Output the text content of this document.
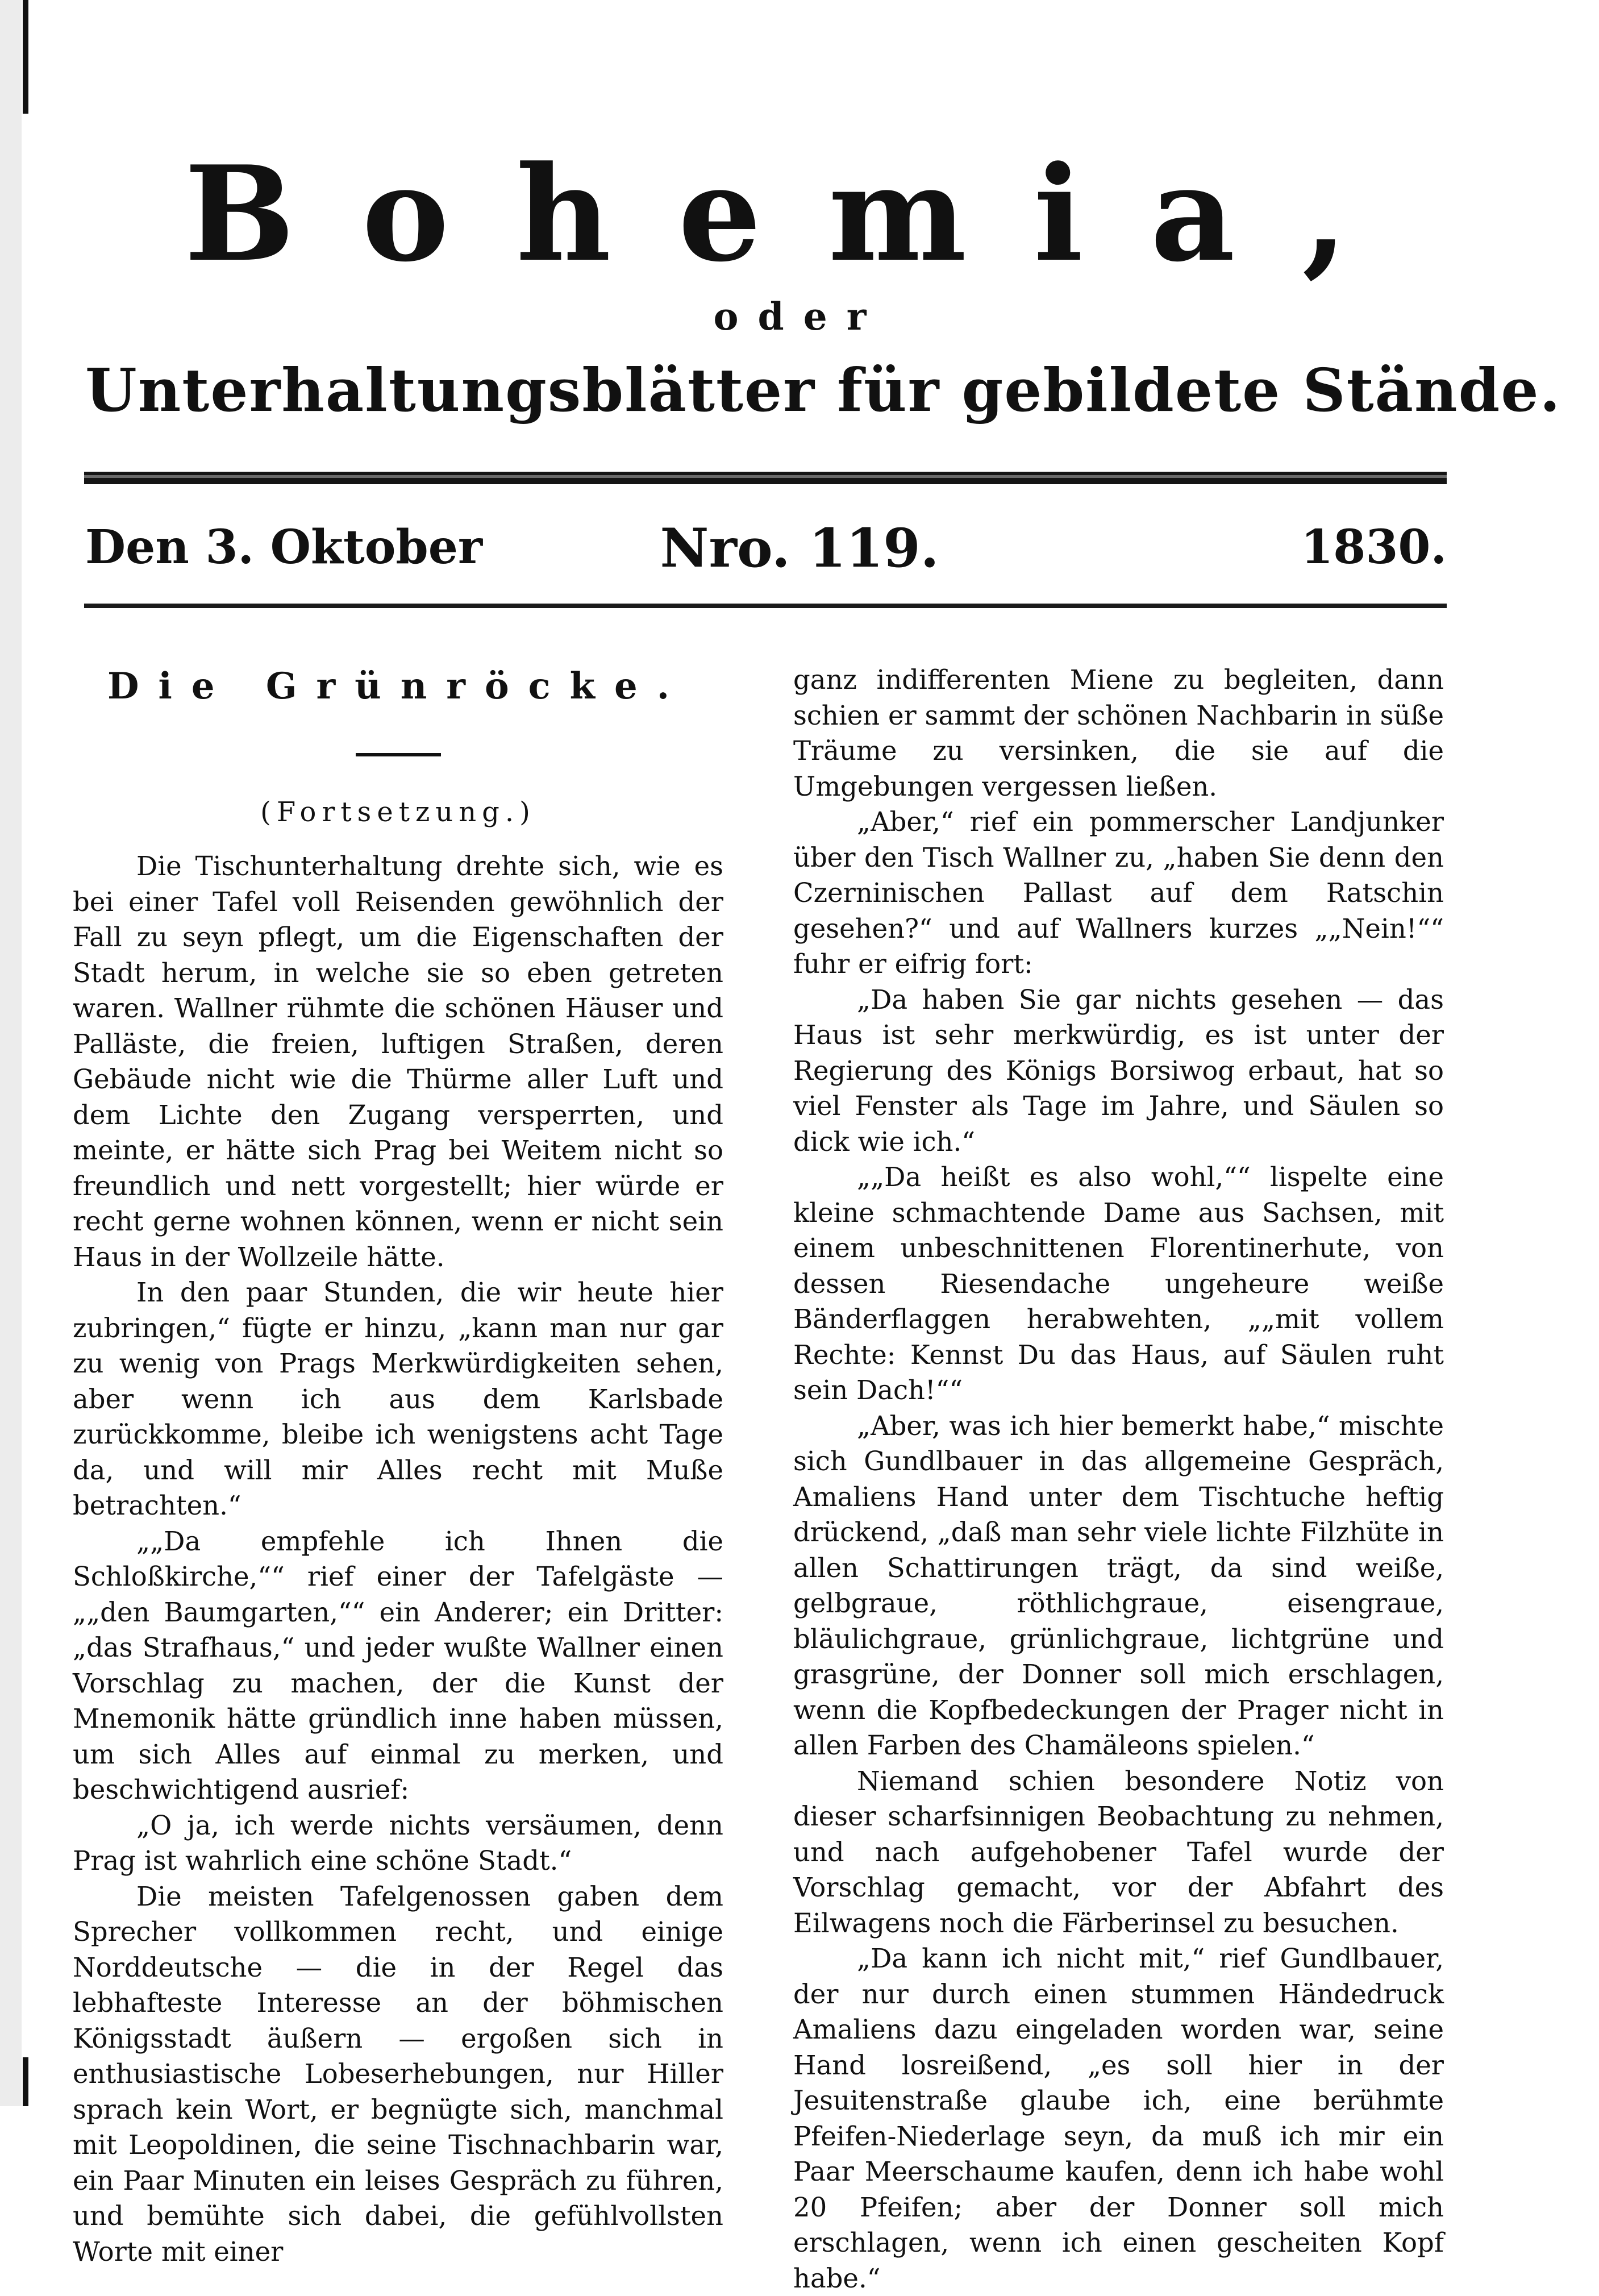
Bohemia,
oder
Unterhaltungsblätter für gebildete Stände.
Den 3. Oktober	Nro. 119.	1830.
Die Grünröcke.
(Fortsetzung.)

Die Tischunterhaltung drehte sich, wie es bei einer Tafel voll Reisenden gewöhnlich der Fall zu seyn pflegt, um die Eigenschaften der Stadt herum, in welche sie so eben getreten waren. Wallner rühmte die schönen Häuser und Palläste, die freien, luftigen Straßen, deren Gebäude nicht wie die Thürme aller Luft und dem Lichte den Zugang versperrten, und meinte, er hätte sich Prag bei Weitem nicht so freundlich und nett vorgestellt; hier würde er recht gerne wohnen können, wenn er nicht sein Haus in der Wollzeile hätte.

In den paar Stunden, die wir heute hier zubringen,“ fügte er hinzu, „kann man nur gar zu wenig von Prags Merkwürdigkeiten sehen, aber wenn ich aus dem Karlsbade zurückkomme, bleibe ich wenigstens acht Tage da, und will mir Alles recht mit Muße betrachten.“

„„Da empfehle ich Ihnen die Schloßkirche,““ rief einer der Tafelgäste — „„den Baumgarten,““ ein Anderer; ein Dritter: „das Strafhaus,“ und jeder wußte Wallner einen Vorschlag zu machen, der die Kunst der Mnemonik hätte gründlich inne haben müssen, um sich Alles auf einmal zu merken, und beschwichtigend ausrief:

„O ja, ich werde nichts versäumen, denn Prag ist wahrlich eine schöne Stadt.“

Die meisten Tafelgenossen gaben dem Sprecher vollkommen recht, und einige Norddeutsche — die in der Regel das lebhafteste Interesse an der böhmischen Königsstadt äußern — ergoßen sich in enthusiastische Lobeserhebungen, nur Hiller sprach kein Wort, er begnügte sich, manchmal mit Leopoldinen, die seine Tischnachbarin war, ein Paar Minuten ein leises Gespräch zu führen, und bemühte sich dabei, die gefühlvollsten Worte mit einer

ganz indifferenten Miene zu begleiten, dann schien er sammt der schönen Nachbarin in süße Träume zu versinken, die sie auf die Umgebungen vergessen ließen.

„Aber,“ rief ein pommerscher Landjunker über den Tisch Wallner zu, „haben Sie denn den Czerninischen Pallast auf dem Ratschin gesehen?“ und auf Wallners kurzes „„Nein!““ fuhr er eifrig fort:

„Da haben Sie gar nichts gesehen — das Haus ist sehr merkwürdig, es ist unter der Regierung des Königs Borsiwog erbaut, hat so viel Fenster als Tage im Jahre, und Säulen so dick wie ich.“

„„Da heißt es also wohl,““ lispelte eine kleine schmachtende Dame aus Sachsen, mit einem unbeschnittenen Florentinerhute, von dessen Riesendache ungeheure weiße Bänderflaggen herabwehten, „„mit vollem Rechte: Kennst Du das Haus, auf Säulen ruht sein Dach!““

„Aber, was ich hier bemerkt habe,“ mischte sich Gundlbauer in das allgemeine Gespräch, Amaliens Hand unter dem Tischtuche heftig drückend, „daß man sehr viele lichte Filzhüte in allen Schattirungen trägt, da sind weiße, gelbgraue, röthlichgraue, eisengraue, bläulichgraue, grünlichgraue, lichtgrüne und grasgrüne, der Donner soll mich erschlagen, wenn die Kopfbedeckungen der Prager nicht in allen Farben des Chamäleons spielen.“

Niemand schien besondere Notiz von dieser scharfsinnigen Beobachtung zu nehmen, und nach aufgehobener Tafel wurde der Vorschlag gemacht, vor der Abfahrt des Eilwagens noch die Färberinsel zu besuchen.

„Da kann ich nicht mit,“ rief Gundlbauer, der nur durch einen stummen Händedruck Amaliens dazu eingeladen worden war, seine Hand losreißend, „es soll hier in der Jesuitenstraße glaube ich, eine berühmte Pfeifen-Niederlage seyn, da muß ich mir ein Paar Meerschaume kaufen, denn ich habe wohl 20 Pfeifen; aber der Donner soll mich erschlagen, wenn ich einen gescheiten Kopf habe.“
